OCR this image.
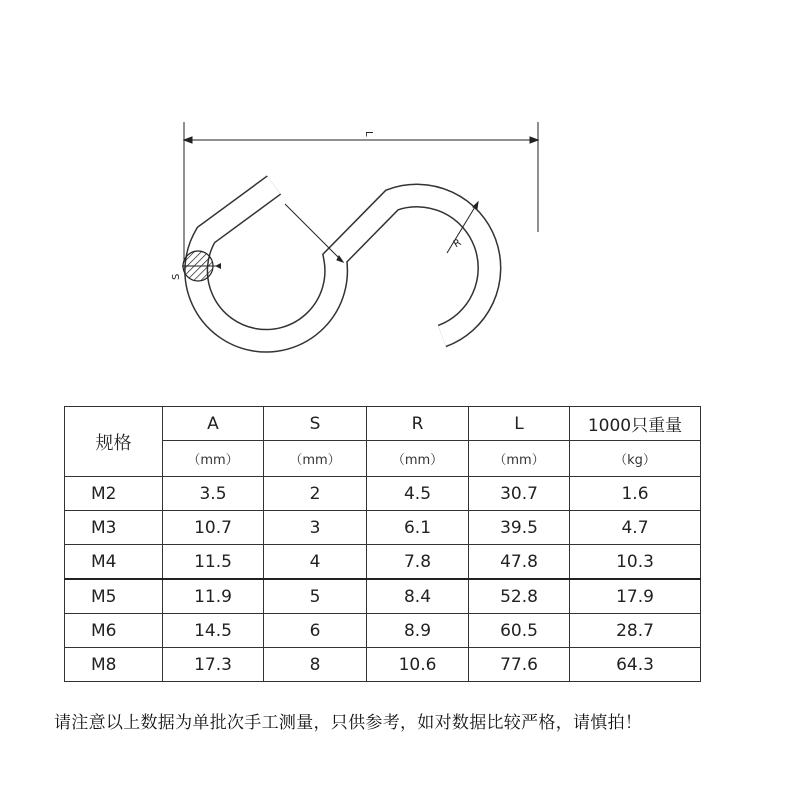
L
S
R
规格	A	S	R	L	1000只重量
	（mm）	（mm）	（mm）	（mm）	（kg）
M2	3.5	2	4.5	30.7	1.6
M3	10.7	3	6.1	39.5	4.7
M4	11.5	4	7.8	47.8	10.3
M5	11.9	5	8.4	52.8	17.9
M6	14.5	6	8.9	60.5	28.7
M8	17.3	8	10.6	77.6	64.3
请注意以上数据为单批次手工测量，只供参考，如对数据比较严格，请慎拍！
